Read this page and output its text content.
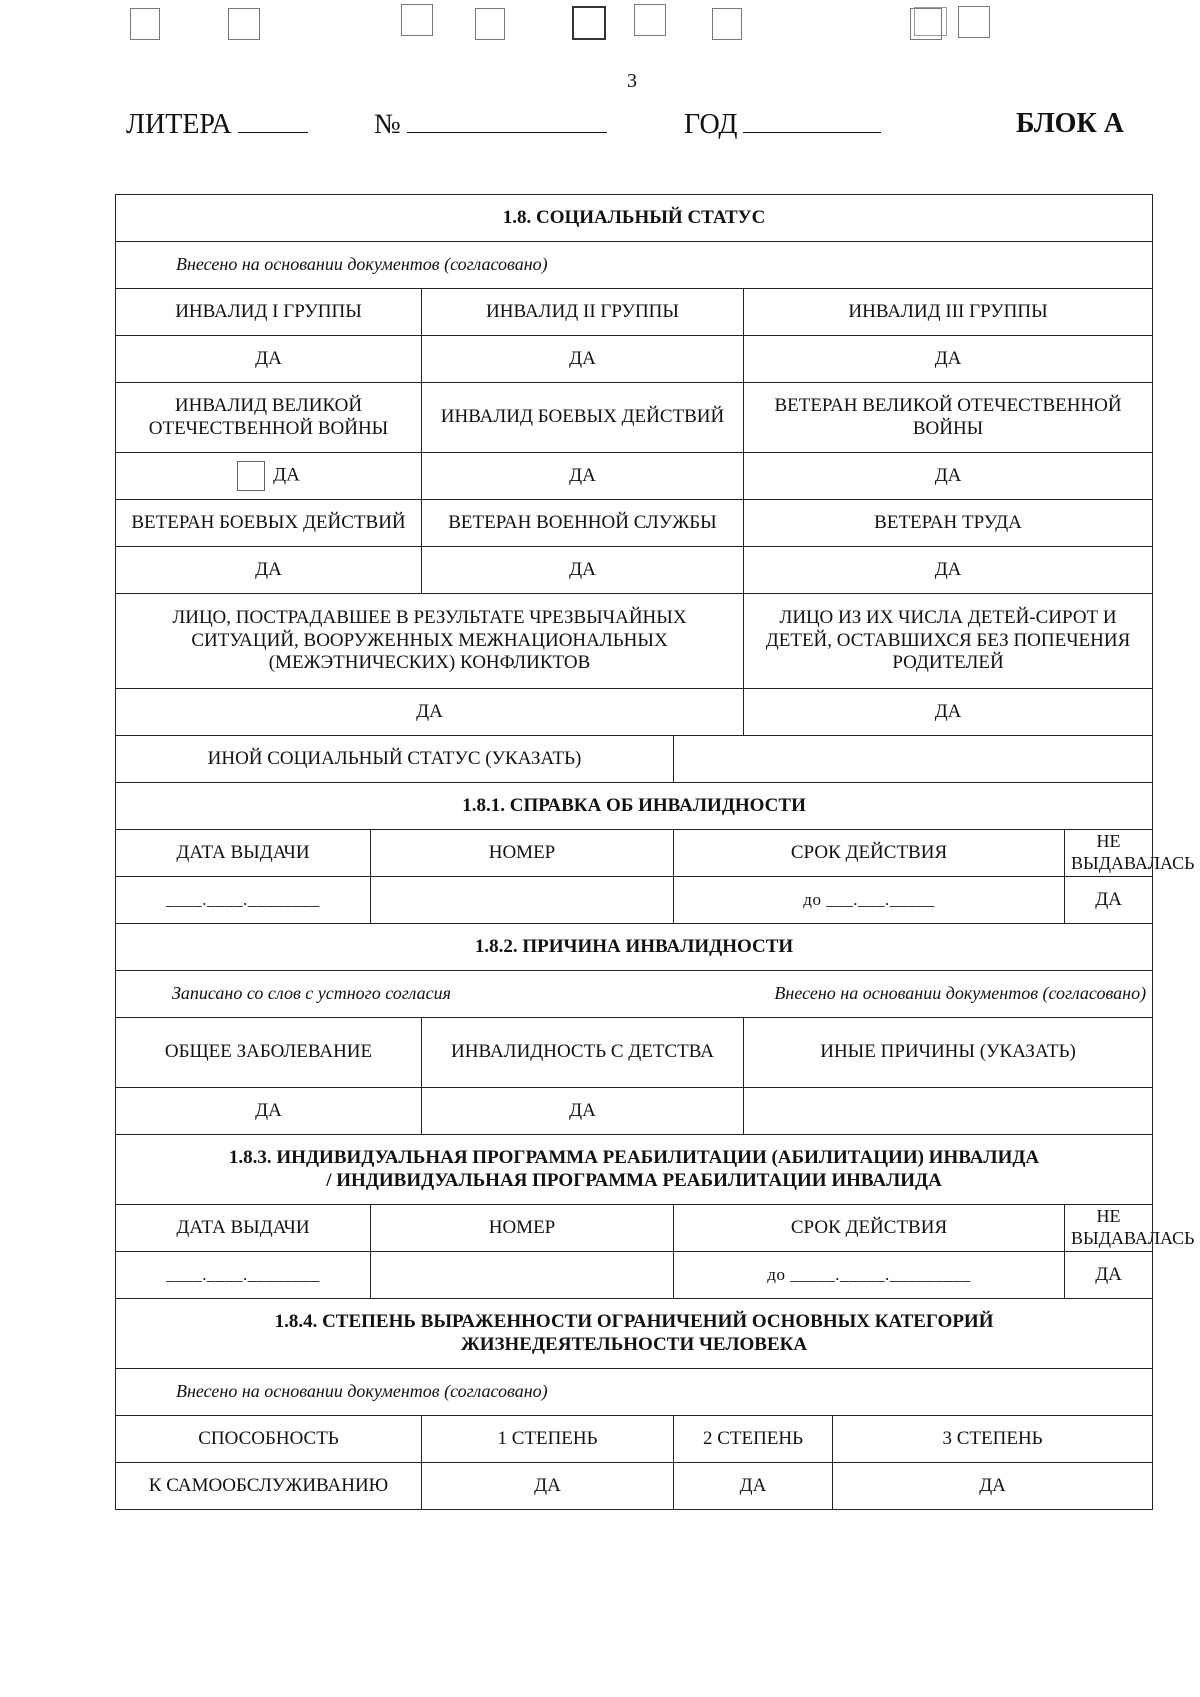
3
ЛИТЕРА	№	ГОД	БЛОК А
1.8. СОЦИАЛЬНЫЙ СТАТУС						
Внесено на основании документов (согласовано)						
ИНВАЛИД I ГРУППЫ		ИНВАЛИД II ГРУППЫ		ИНВАЛИД III ГРУППЫ		
ДА		ДА		ДА		
ИНВАЛИД ВЕЛИКОЙ ОТЕЧЕСТВЕННОЙ ВОЙНЫ		ИНВАЛИД БОЕВЫХ ДЕЙСТВИЙ		ВЕТЕРАН ВЕЛИКОЙ ОТЕЧЕСТВЕННОЙ ВОЙНЫ		
ДА		ДА		ДА		
ВЕТЕРАН БОЕВЫХ ДЕЙСТВИЙ		ВЕТЕРАН ВОЕННОЙ СЛУЖБЫ		ВЕТЕРАН ТРУДА		
ДА		ДА		ДА		
ЛИЦО, ПОСТРАДАВШЕЕ В РЕЗУЛЬТАТЕ ЧРЕЗВЫЧАЙНЫХ СИТУАЦИЙ, ВООРУЖЕННЫХ МЕЖНАЦИОНАЛЬНЫХ (МЕЖЭТНИЧЕСКИХ) КОНФЛИКТОВ				ЛИЦО ИЗ ИХ ЧИСЛА ДЕТЕЙ-СИРОТ И ДЕТЕЙ, ОСТАВШИХСЯ БЕЗ ПОПЕЧЕНИЯ РОДИТЕЛЕЙ		
ДА				ДА		
ИНОЙ СОЦИАЛЬНЫЙ СТАТУС (УКАЗАТЬ)						
1.8.1. СПРАВКА ОБ ИНВАЛИДНОСТИ						
ДАТА ВЫДАЧИ	НОМЕР		СРОК ДЕЙСТВИЯ			НЕ ВЫДАВАЛАСЬ
____.____.________			до ___.___._____			ДА
1.8.2. ПРИЧИНА ИНВАЛИДНОСТИ						

Записано со слов с устного согласия Внесено на основании документов (согласовано)						

ОБЩЕЕ ЗАБОЛЕВАНИЕ		ИНВАЛИДНОСТЬ С ДЕТСТВА		ИНЫЕ ПРИЧИНЫ (УКАЗАТЬ)		
ДА		ДА				

1.8.3. ИНДИВИДУАЛЬНАЯ ПРОГРАММА РЕАБИЛИТАЦИИ (АБИЛИТАЦИИ) ИНВАЛИДА
/ ИНДИВИДУАЛЬНАЯ ПРОГРАММА РЕАБИЛИТАЦИИ ИНВАЛИДА						

ДАТА ВЫДАЧИ	НОМЕР		СРОК ДЕЙСТВИЯ			НЕ ВЫДАВАЛАСЬ
____.____.________			до _____._____._________			ДА

1.8.4. СТЕПЕНЬ ВЫРАЖЕННОСТИ ОГРАНИЧЕНИЙ ОСНОВНЫХ КАТЕГОРИЙ
ЖИЗНЕДЕЯТЕЛЬНОСТИ ЧЕЛОВЕКА						

Внесено на основании документов (согласовано)						
СПОСОБНОСТЬ		1 СТЕПЕНЬ	2 СТЕПЕНЬ		3 СТЕПЕНЬ	
К САМООБСЛУЖИВАНИЮ		ДА	ДА		ДА	
